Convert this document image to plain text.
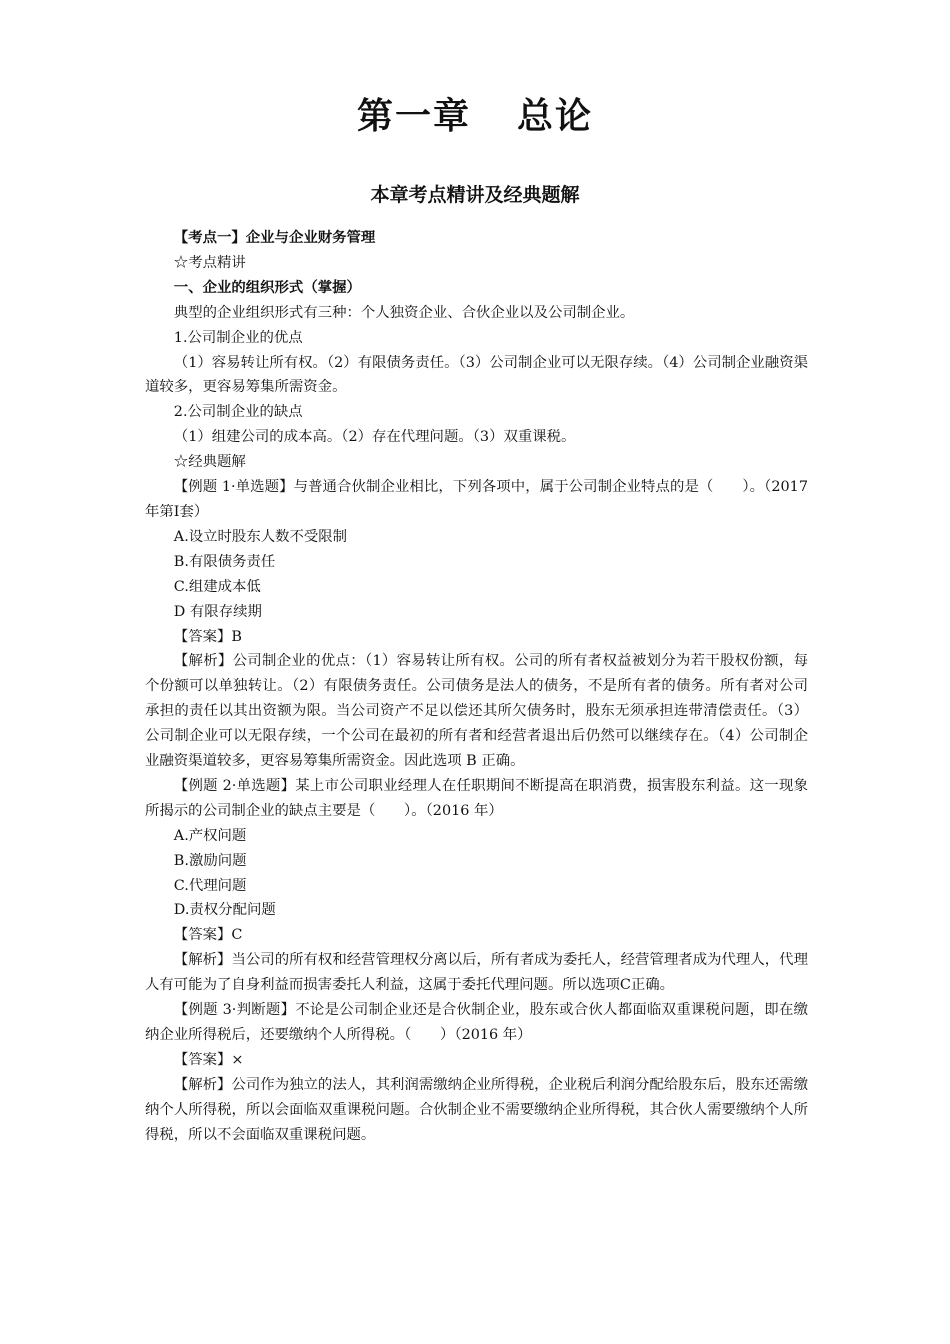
第一章 总论
本章考点精讲及经典题解

【考点一】企业与企业财务管理

☆考点精讲

一、企业的组织形式（掌握）

典型的企业组织形式有三种：个人独资企业、合伙企业以及公司制企业。

1.公司制企业的优点

（1）容易转让所有权。（2）有限债务责任。（3）公司制企业可以无限存续。（4）公司制企业融资渠道较多，更容易筹集所需资金。

2.公司制企业的缺点

（1）组建公司的成本高。（2）存在代理问题。（3）双重课税。

☆经典题解

【例题 1·单选题】与普通合伙制企业相比，下列各项中，属于公司制企业特点的是（　　）。（2017 年第Ⅰ套）

A.设立时股东人数不受限制

B.有限债务责任

C.组建成本低

D 有限存续期

【答案】B

【解析】公司制企业的优点：（1）容易转让所有权。公司的所有者权益被划分为若干股权份额，每个份额可以单独转让。（2）有限债务责任。公司债务是法人的债务，不是所有者的债务。所有者对公司承担的责任以其出资额为限。当公司资产不足以偿还其所欠债务时，股东无须承担连带清偿责任。（3）公司制企业可以无限存续，一个公司在最初的所有者和经营者退出后仍然可以继续存在。（4）公司制企业融资渠道较多，更容易筹集所需资金。因此选项 B 正确。

【例题 2·单选题】某上市公司职业经理人在任职期间不断提高在职消费，损害股东利益。这一现象所揭示的公司制企业的缺点主要是（　　）。（2016 年）

A.产权问题

B.激励问题

C.代理问题

D.责权分配问题

【答案】C

【解析】当公司的所有权和经营管理权分离以后，所有者成为委托人，经营管理者成为代理人，代理人有可能为了自身利益而损害委托人利益，这属于委托代理问题。所以选项C正确。

【例题 3·判断题】不论是公司制企业还是合伙制企业，股东或合伙人都面临双重课税问题，即在缴纳企业所得税后，还要缴纳个人所得税。（　　）（2016 年）

【答案】×

【解析】公司作为独立的法人，其利润需缴纳企业所得税，企业税后利润分配给股东后，股东还需缴纳个人所得税，所以会面临双重课税问题。合伙制企业不需要缴纳企业所得税，其合伙人需要缴纳个人所得税，所以不会面临双重课税问题。
